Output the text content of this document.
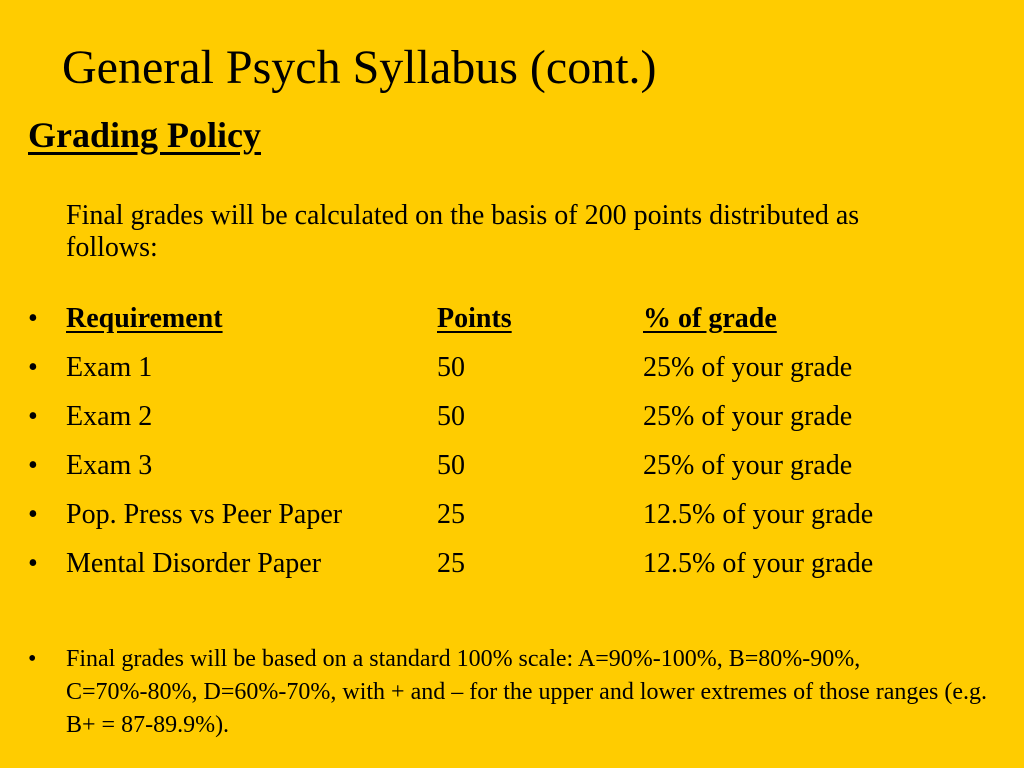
General Psych Syllabus (cont.)
Grading Policy
Final grades will be calculated on the basis of 200 points distributed as follows:
• Requirement	Points	% of grade
• Exam 1	50	25% of your grade
• Exam 2	50	25% of your grade
• Exam 3	50	25% of your grade
• Pop. Press vs Peer Paper	25	12.5% of your grade
• Mental Disorder Paper	25	12.5% of your grade
• Final grades will be based on a standard 100% scale: A=90%-100%, B=80%-90%, C=70%-80%, D=60%-70%, with + and – for the upper and lower extremes of those ranges (e.g. B+ = 87-89.9%).
